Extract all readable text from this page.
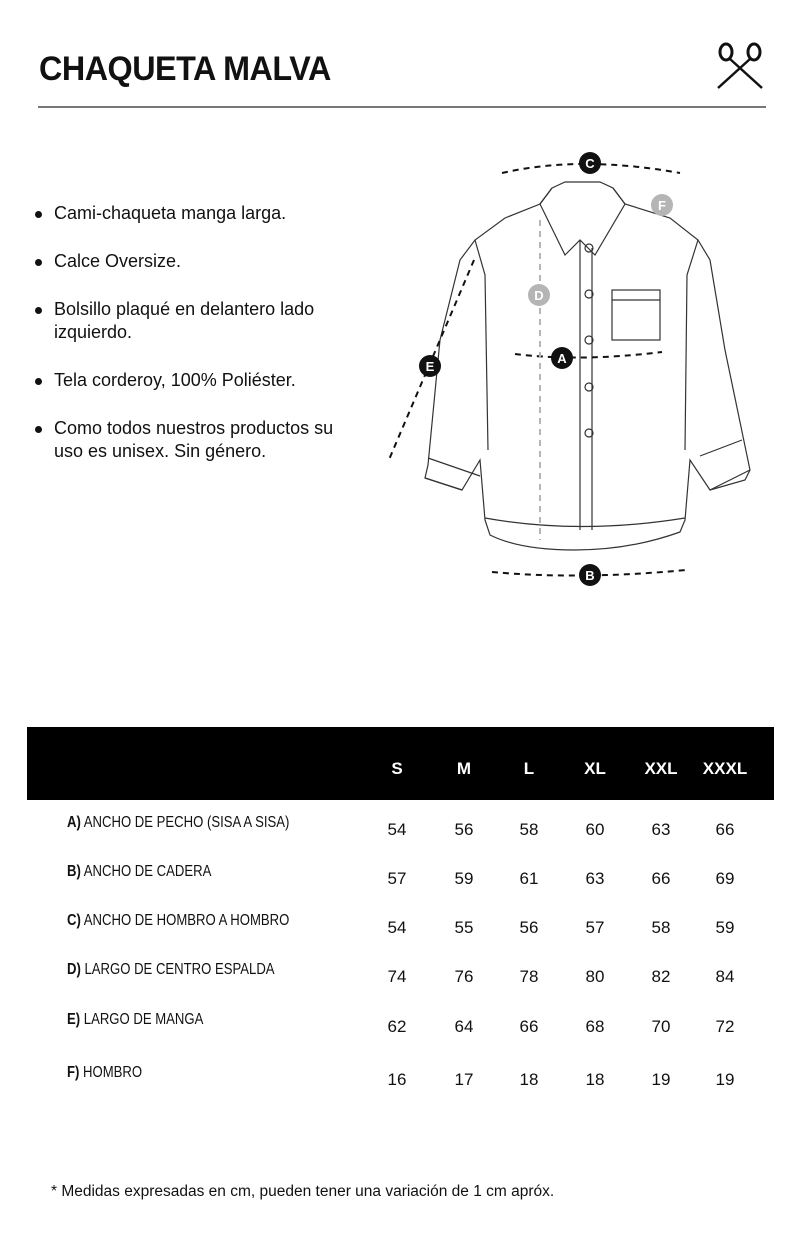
CHAQUETA MALVA
Cami-chaqueta manga larga.
Calce Oversize.
Bolsillo plaqué en delantero lado izquierdo.
Tela corderoy, 100% Poliéster.
Como todos nuestros productos su uso es unisex. Sin género.
C
F
D
A
E
B
S	M	L	XL	XXL	XXXL
A) ANCHO DE PECHO (SISA A SISA)	54	56	58	60	63	66
B) ANCHO DE CADERA	57	59	61	63	66	69
C) ANCHO DE HOMBRO A HOMBRO	54	55	56	57	58	59
D) LARGO DE CENTRO ESPALDA	74	76	78	80	82	84
E) LARGO DE MANGA	62	64	66	68	70	72
F) HOMBRO	16	17	18	18	19	19
* Medidas expresadas en cm, pueden tener una variación de 1 cm apróx.
